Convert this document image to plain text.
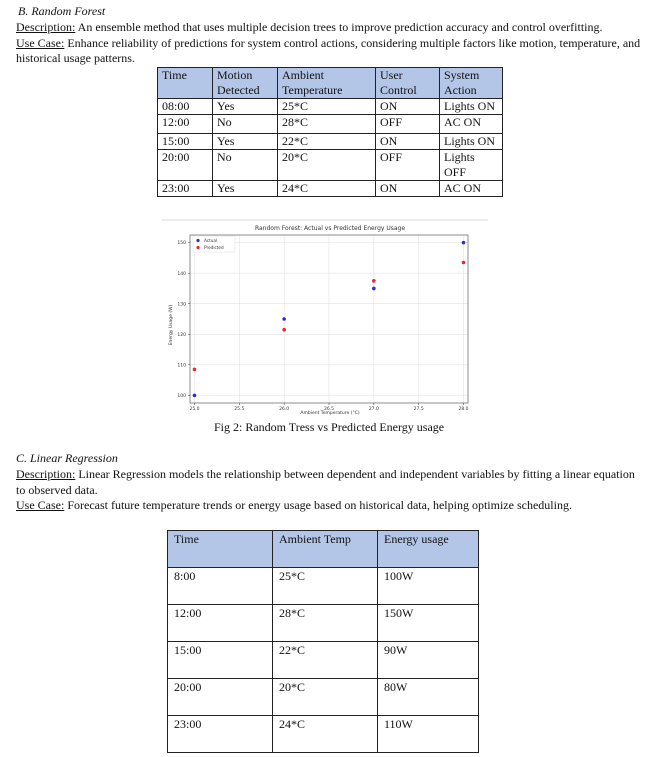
B. Random Forest
Description: An ensemble method that uses multiple decision trees to improve prediction accuracy and control overfitting.
Use Case: Enhance reliability of predictions for system control actions, considering multiple factors like motion, temperature, and historical usage patterns.
Time	Motion Detected	Ambient Temperature	User Control	System Action
08:00	Yes	25*C	ON	Lights ON
12:00	No	28*C	OFF	AC ON
15:00	Yes	22*C	ON	Lights ON
20:00	No	20*C	OFF	Lights OFF
23:00	Yes	24*C	ON	AC ON
Random Forest: Actual vs Predicted Energy Usage
25.0	25.5	26.0	26.5	27.0	27.5	28.0
100
110
120
130
140
150
Actual
Predicted
Ambient Temperature (°C)
Energy Usage (W)
Fig 2: Random Tress vs Predicted Energy usage
C. Linear Regression
Description: Linear Regression models the relationship between dependent and independent variables by fitting a linear equation to observed data.
Use Case: Forecast future temperature trends or energy usage based on historical data, helping optimize scheduling.
Time	Ambient Temp	Energy usage
8:00	25*C	100W
12:00	28*C	150W
15:00	22*C	90W
20:00	20*C	80W
23:00	24*C	110W
